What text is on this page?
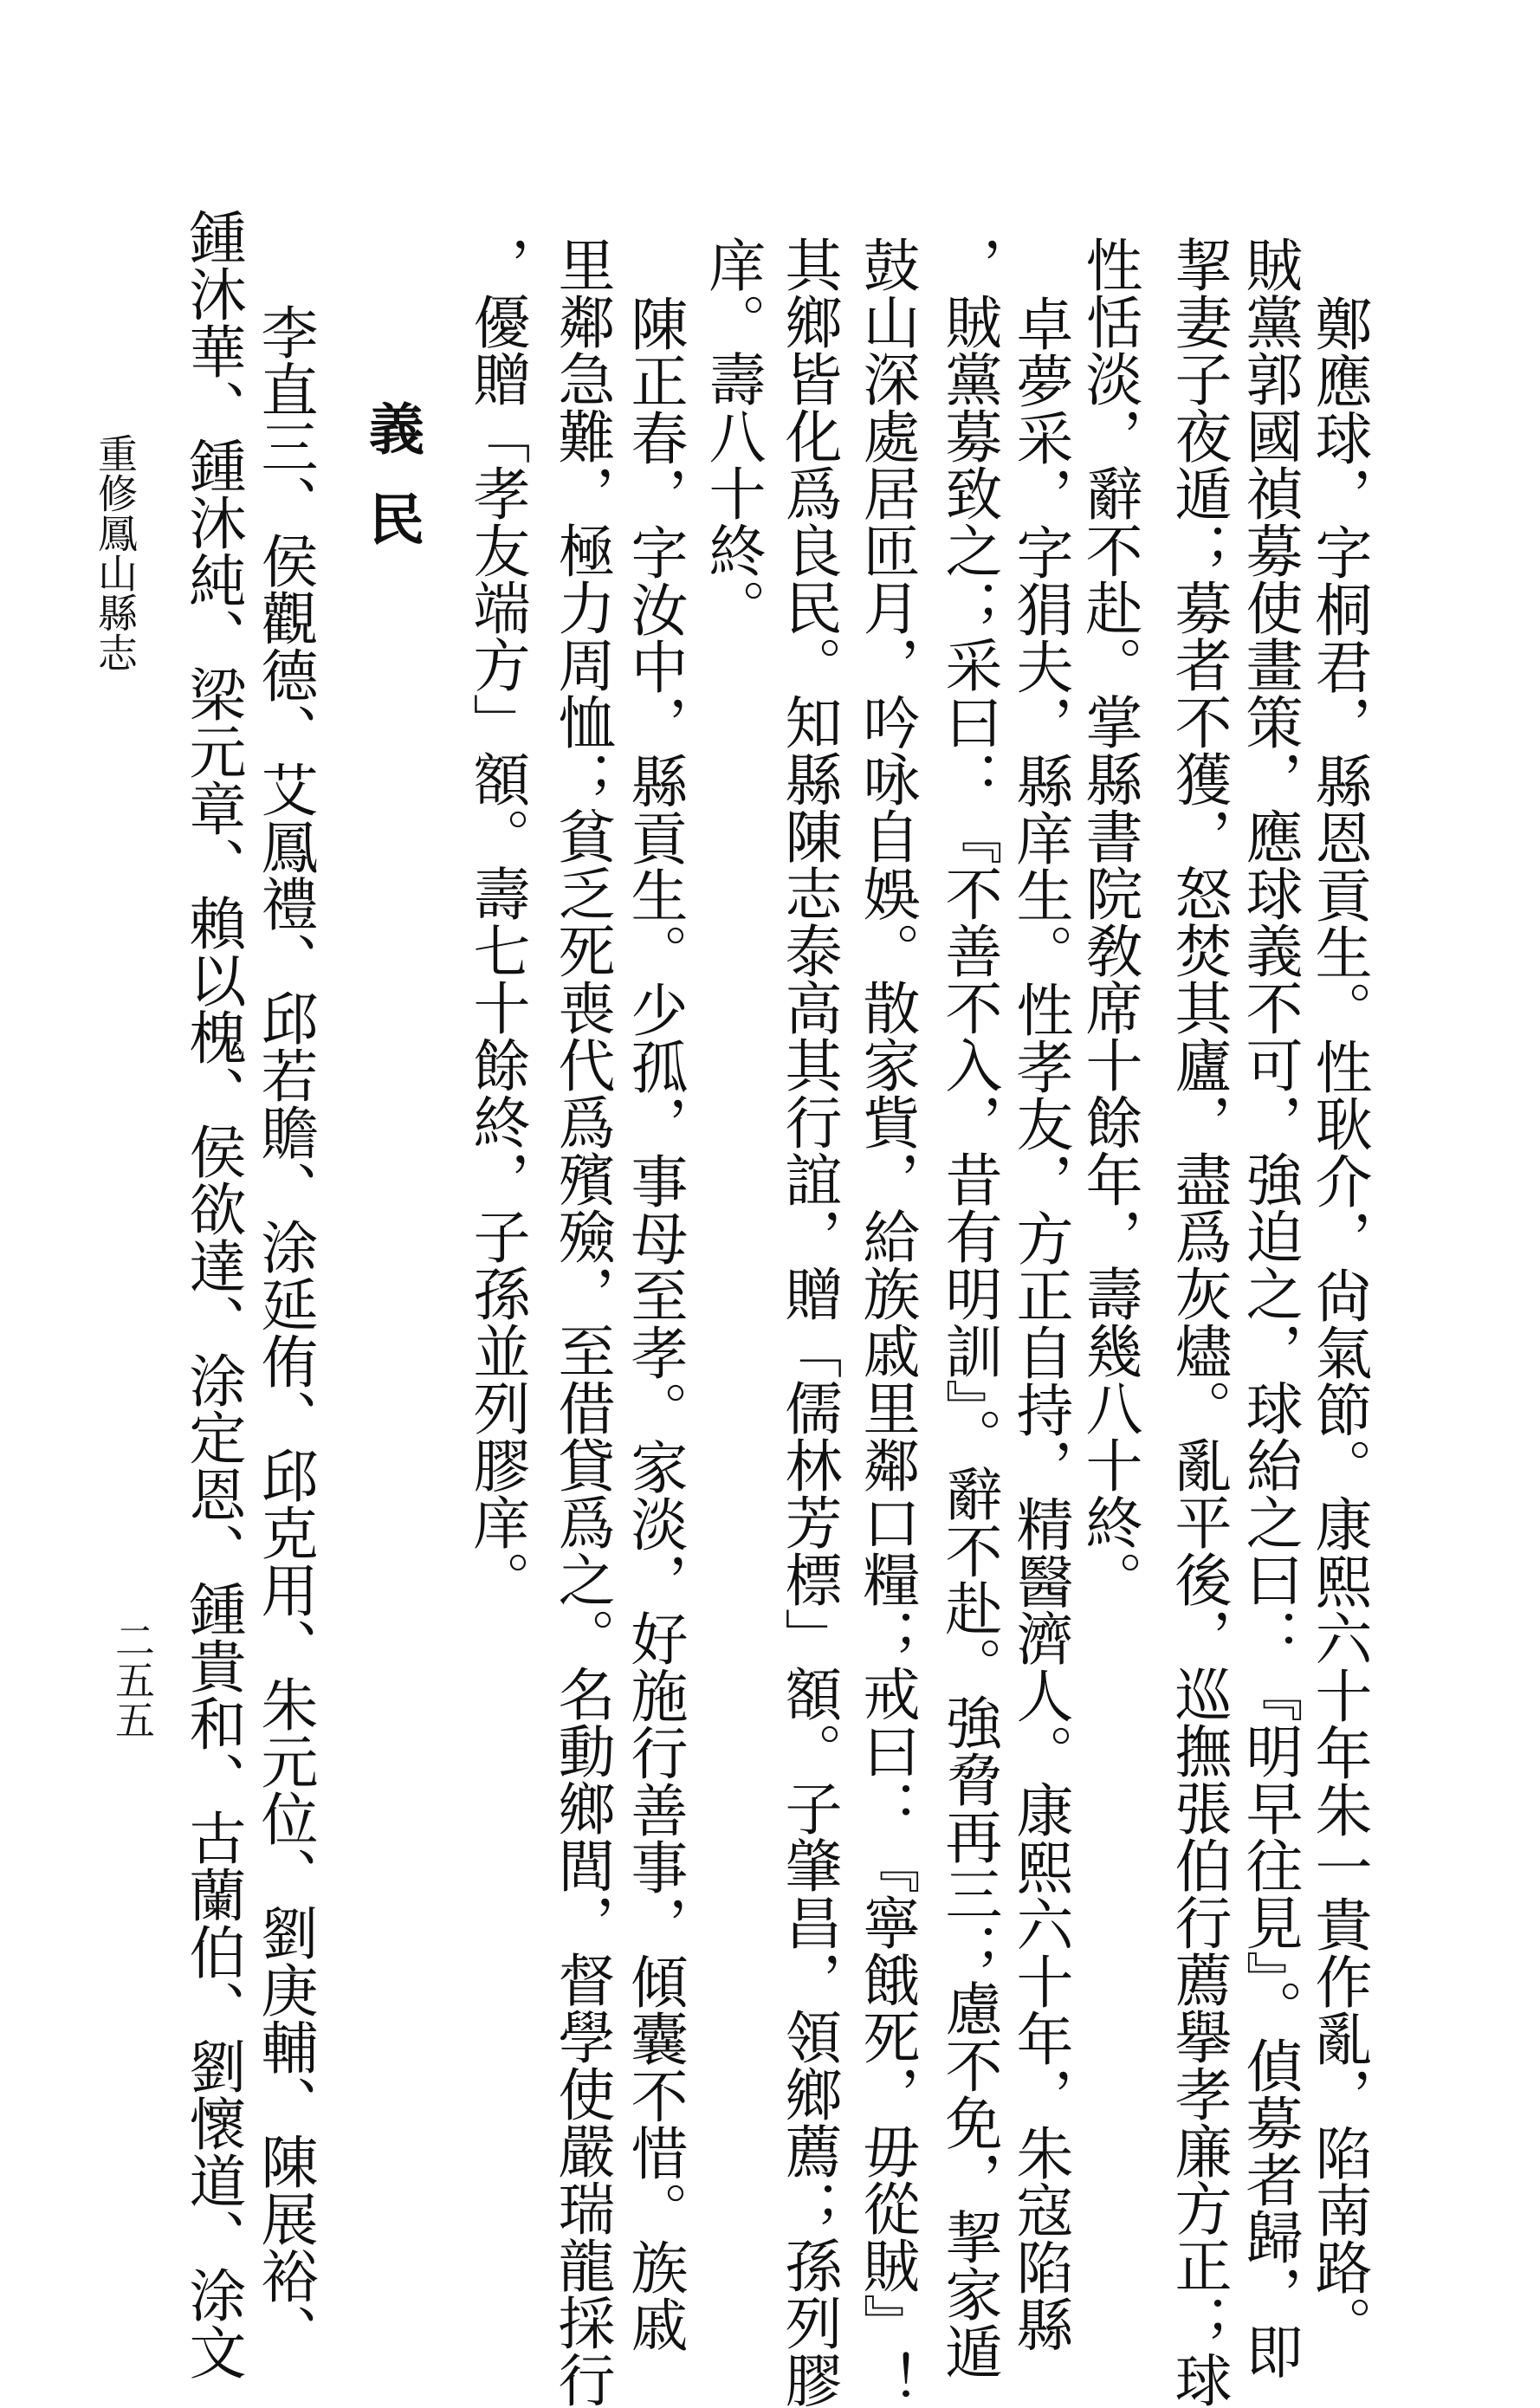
鄭應球，字桐君，縣恩貢生。性耿介，尙氣節。康熙六十年朱一貴作亂，陷南路。
賊黨郭國禎募使畫策，應球義不可，強迫之，球紿之曰：『明早往見』。偵募者歸，即
挈妻子夜遁；募者不獲，怒焚其廬，盡爲灰燼。亂平後，巡撫張伯行薦擧孝廉方正；球
性恬淡，辭不赴。掌縣書院敎席十餘年，壽幾八十終。
卓夢采，字狷夫，縣庠生。性孝友，方正自持，精醫濟人。康熙六十年，朱寇陷縣
，賊黨募致之；采曰：『不善不入，昔有明訓』。辭不赴。強脅再三；慮不免，挈家遁
鼓山深處居匝月，吟咏自娛。散家貲，給族戚里鄰口糧；戒曰：『寧餓死，毋從賊』！
其鄉皆化爲良民。知縣陳志泰高其行誼，贈「儒林芳標」額。子肇昌，領鄉薦；孫列膠
庠。壽八十終。
陳正春，字汝中，縣貢生。少孤，事母至孝。家淡，好施行善事，傾囊不惜。族戚
里鄰急難，極力周恤；貧乏死喪代爲殯殮，至借貸爲之。名動鄉閭，督學使嚴瑞龍採行
，優贈「孝友端方」額。壽七十餘終，子孫並列膠庠。
義民
李直三、侯觀德、艾鳳禮、邱若贍、涂延侑、邱克用、朱元位、劉庚輔、陳展裕、
鍾沐華、鍾沐純、梁元章、賴以槐、侯欲達、涂定恩、鍾貴和、古蘭伯、劉懷道、涂文
重修鳳山縣志
二五五
